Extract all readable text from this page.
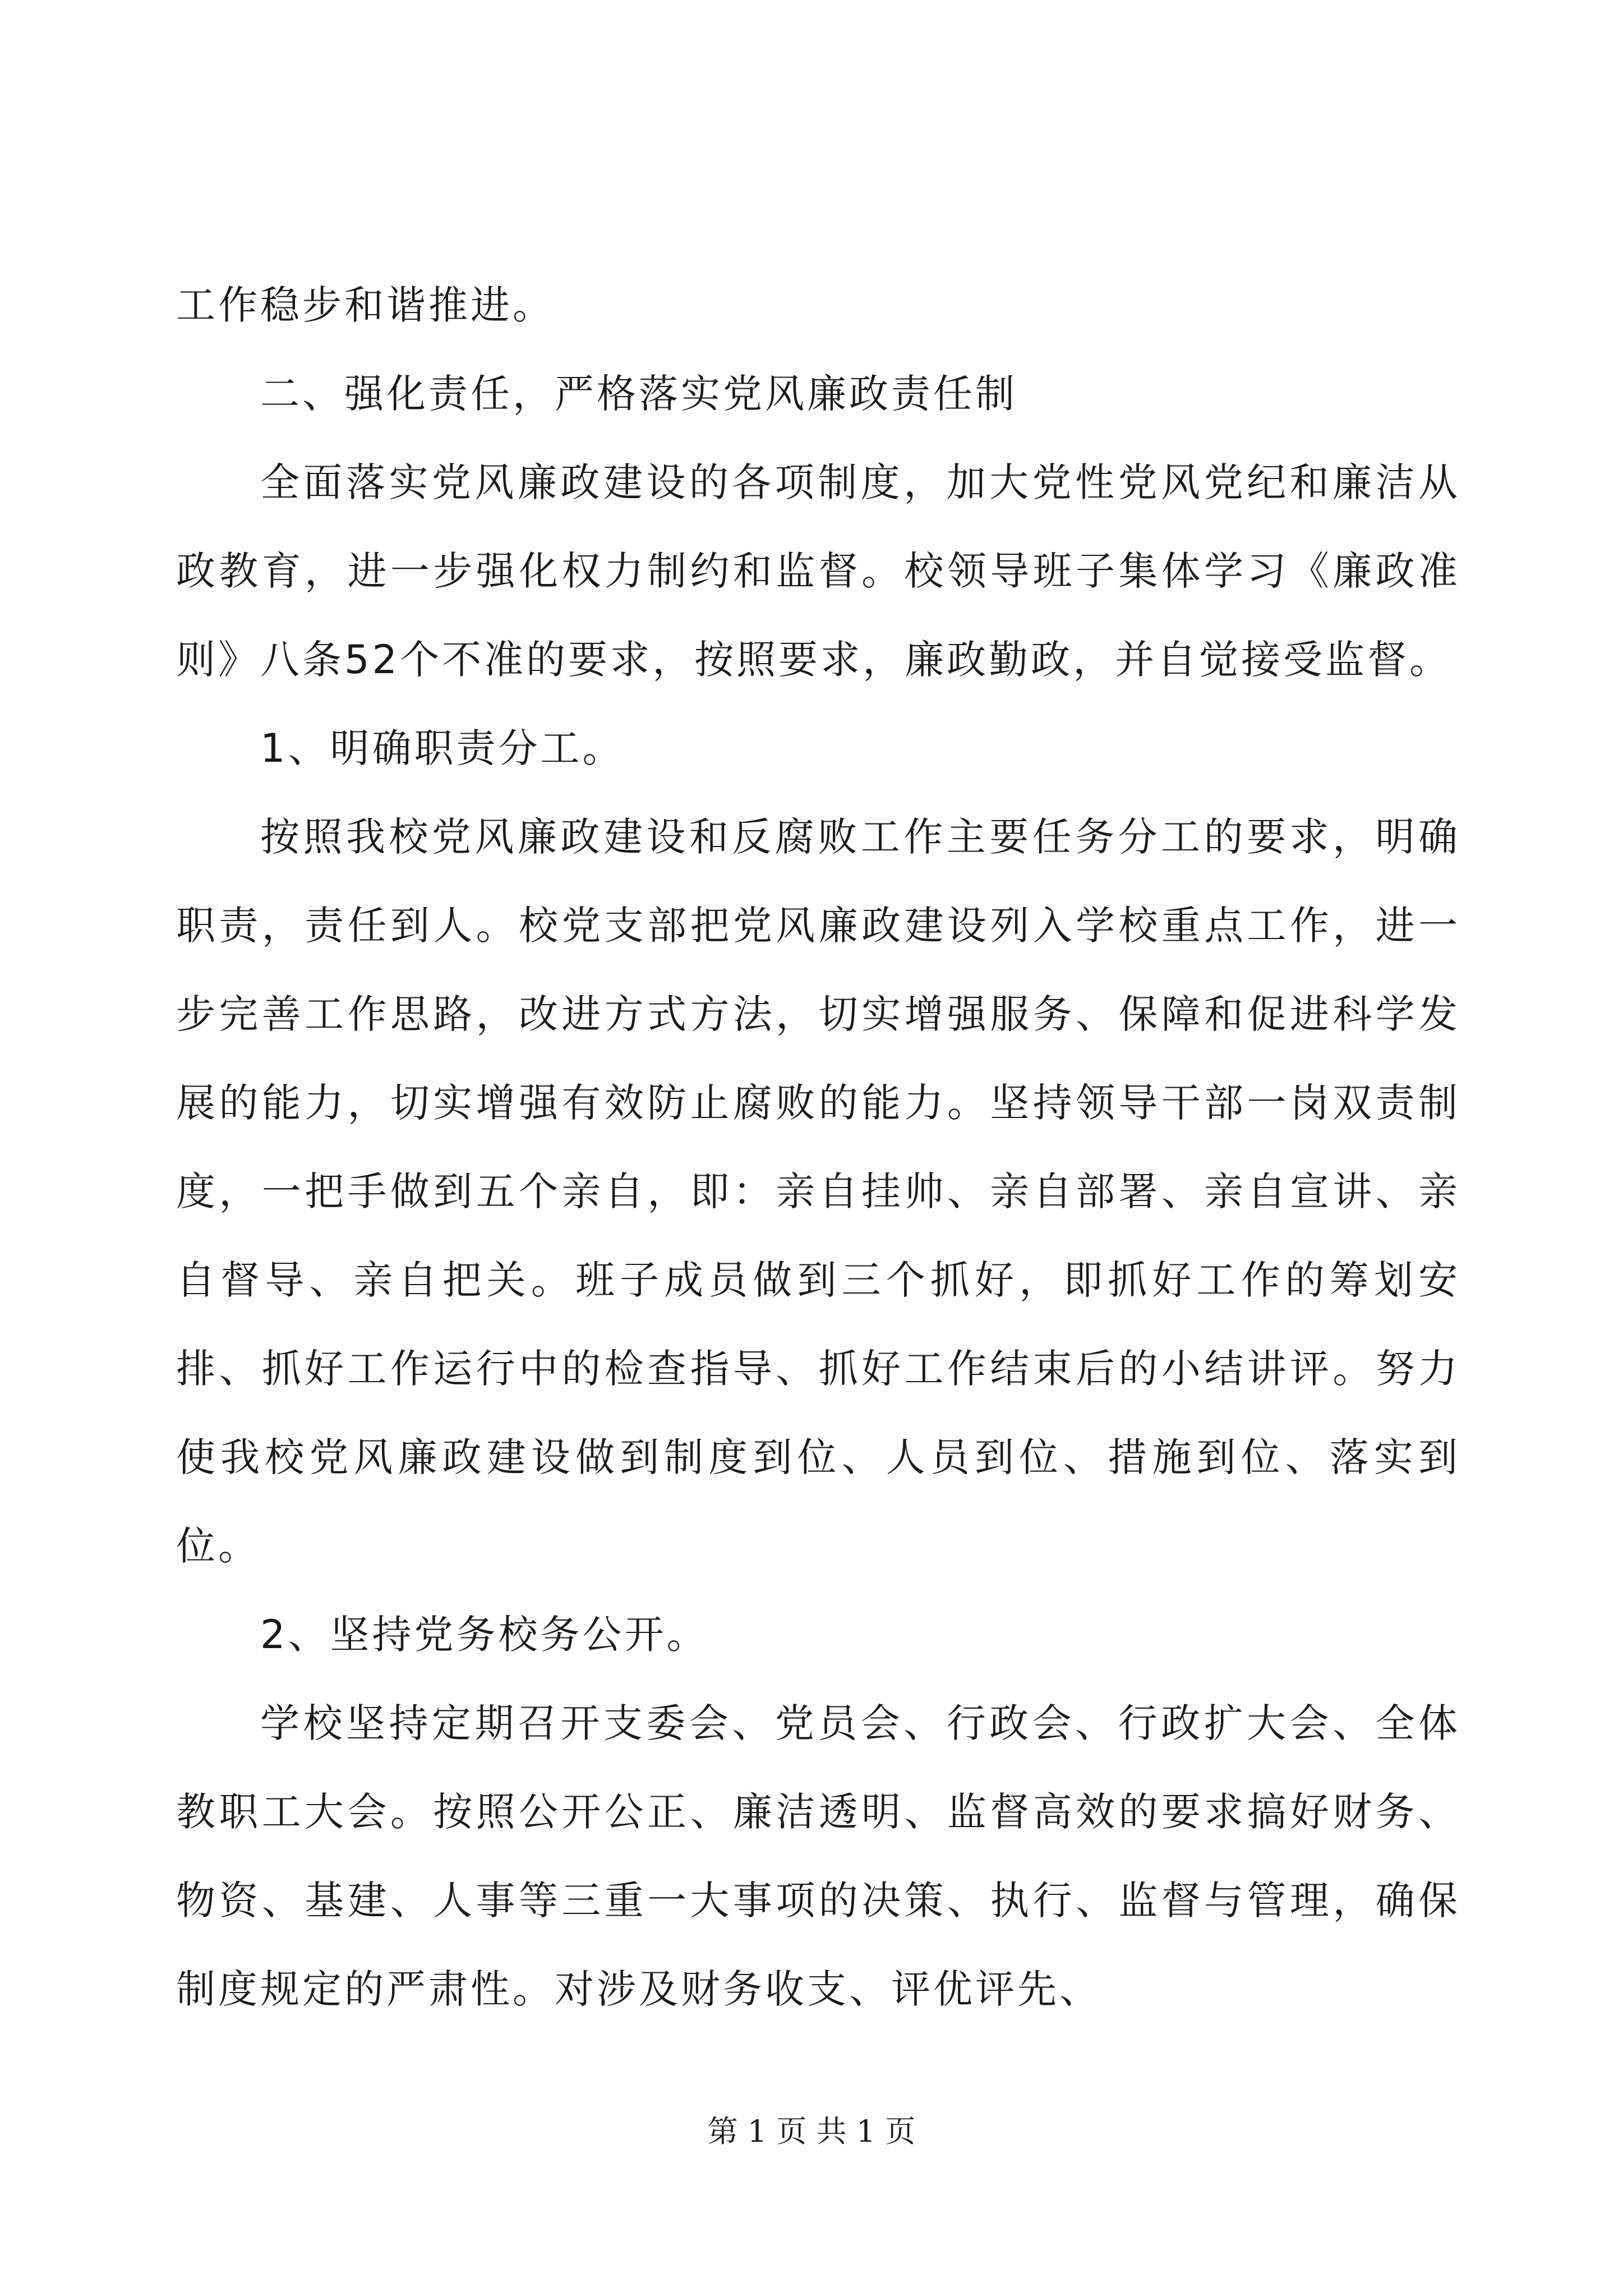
工作稳步和谐推进。

二、强化责任，严格落实党风廉政责任制

全面落实党风廉政建设的各项制度，加大党性党风党纪和廉洁从政教育，进一步强化权力制约和监督。校领导班子集体学习《廉政准则》八条52个不准的要求，按照要求，廉政勤政，并自觉接受监督。

1、明确职责分工。

按照我校党风廉政建设和反腐败工作主要任务分工的要求，明确职责，责任到人。校党支部把党风廉政建设列入学校重点工作，进一步完善工作思路，改进方式方法，切实增强服务、保障和促进科学发展的能力，切实增强有效防止腐败的能力。坚持领导干部一岗双责制度，一把手做到五个亲自，即：亲自挂帅、亲自部署、亲自宣讲、亲自督导、亲自把关。班子成员做到三个抓好，即抓好工作的筹划安排、抓好工作运行中的检查指导、抓好工作结束后的小结讲评。努力使我校党风廉政建设做到制度到位、人员到位、措施到位、落实到位。

2、坚持党务校务公开。

学校坚持定期召开支委会、党员会、行政会、行政扩大会、全体教职工大会。按照公开公正、廉洁透明、监督高效的要求搞好财务、物资、基建、人事等三重一大事项的决策、执行、监督与管理，确保制度规定的严肃性。对涉及财务收支、评优评先、

第 1 页 共 1 页
